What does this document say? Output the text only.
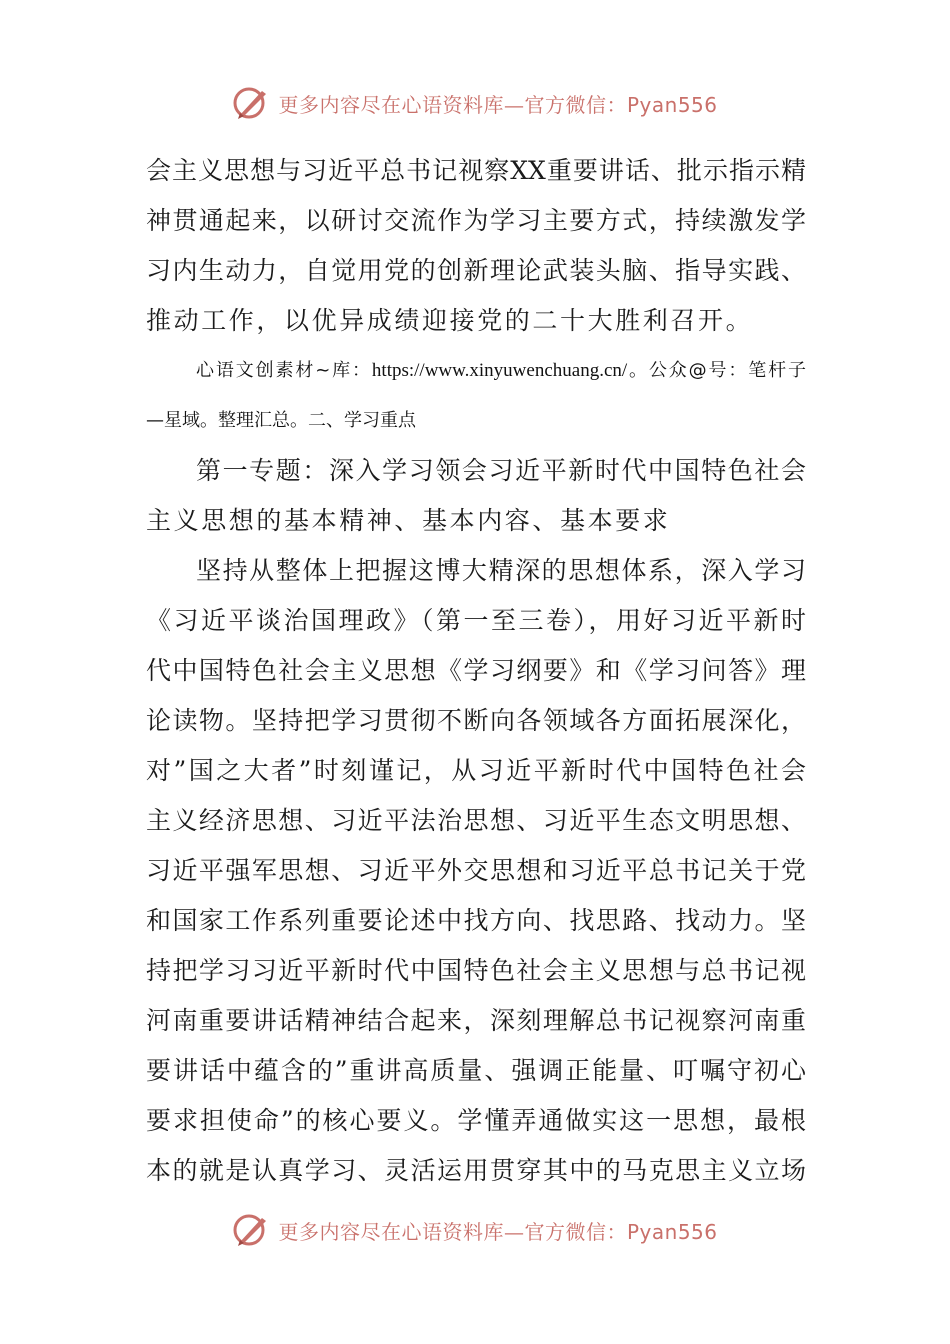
更多内容尽在心语资料库—官方微信：Pyan556
会主义思想与习近平总书记视察XX重要讲话、批示指示精
神贯通起来，以研讨交流作为学习主要方式，持续激发学
习内生动力，自觉用党的创新理论武装头脑、指导实践、
推动工作，以优异成绩迎接党的二十大胜利召开。
心语文创素材~库：https://www.xinyuwenchuang.cn/。公众@号：笔杆子
—星域。整理汇总。二、学习重点
第一专题：深入学习领会习近平新时代中国特色社会
主义思想的基本精神、基本内容、基本要求
坚持从整体上把握这博大精深的思想体系，深入学习
《习近平谈治国理政》（第一至三卷），用好习近平新时
代中国特色社会主义思想《学习纲要》和《学习问答》理
论读物。坚持把学习贯彻不断向各领域各方面拓展深化，
对”国之大者”时刻谨记，从习近平新时代中国特色社会
主义经济思想、习近平法治思想、习近平生态文明思想、
习近平强军思想、习近平外交思想和习近平总书记关于党
和国家工作系列重要论述中找方向、找思路、找动力。坚
持把学习习近平新时代中国特色社会主义思想与总书记视
河南重要讲话精神结合起来，深刻理解总书记视察河南重
要讲话中蕴含的”重讲高质量、强调正能量、叮嘱守初心
要求担使命”的核心要义。学懂弄通做实这一思想，最根
本的就是认真学习、灵活运用贯穿其中的马克思主义立场
更多内容尽在心语资料库—官方微信：Pyan556
